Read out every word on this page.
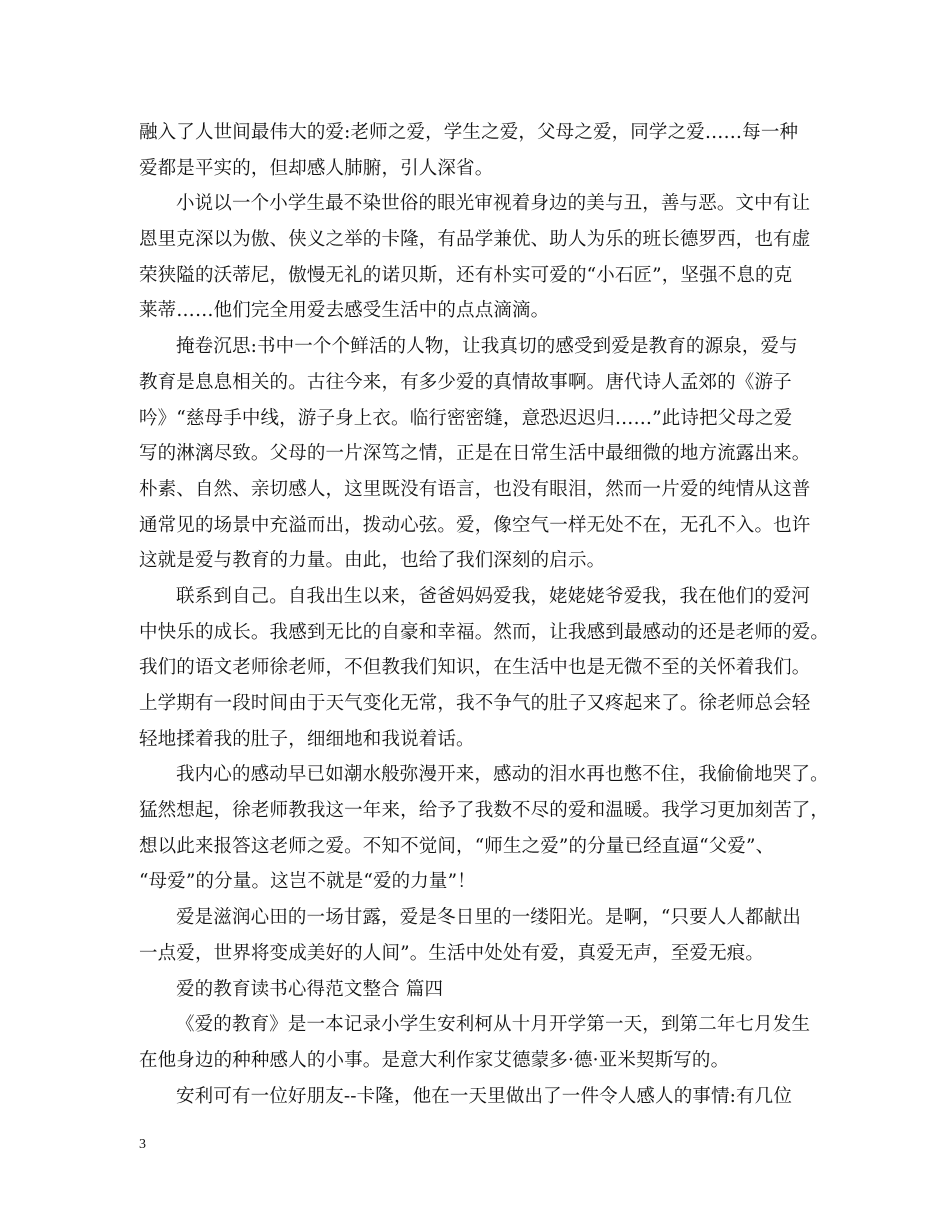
融入了人世间最伟大的爱:老师之爱，学生之爱，父母之爱，同学之爱……每一种
爱都是平实的，但却感人肺腑，引人深省。
小说以一个小学生最不染世俗的眼光审视着身边的美与丑，善与恶。文中有让
恩里克深以为傲、侠义之举的卡隆，有品学兼优、助人为乐的班长德罗西，也有虚
荣狭隘的沃蒂尼，傲慢无礼的诺贝斯，还有朴实可爱的“小石匠”，坚强不息的克
莱蒂……他们完全用爱去感受生活中的点点滴滴。
掩卷沉思:书中一个个鲜活的人物，让我真切的感受到爱是教育的源泉，爱与
教育是息息相关的。古往今来，有多少爱的真情故事啊。唐代诗人孟郊的《游子
吟》“慈母手中线，游子身上衣。临行密密缝，意恐迟迟归……”此诗把父母之爱
写的淋漓尽致。父母的一片深笃之情，正是在日常生活中最细微的地方流露出来。
朴素、自然、亲切感人，这里既没有语言，也没有眼泪，然而一片爱的纯情从这普
通常见的场景中充溢而出，拨动心弦。爱，像空气一样无处不在，无孔不入。也许
这就是爱与教育的力量。由此，也给了我们深刻的启示。
联系到自己。自我出生以来，爸爸妈妈爱我，姥姥姥爷爱我，我在他们的爱河
中快乐的成长。我感到无比的自豪和幸福。然而，让我感到最感动的还是老师的爱。
我们的语文老师徐老师，不但教我们知识，在生活中也是无微不至的关怀着我们。
上学期有一段时间由于天气变化无常，我不争气的肚子又疼起来了。徐老师总会轻
轻地揉着我的肚子，细细地和我说着话。
我内心的感动早已如潮水般弥漫开来，感动的泪水再也憋不住，我偷偷地哭了。
猛然想起，徐老师教我这一年来，给予了我数不尽的爱和温暖。我学习更加刻苦了，
想以此来报答这老师之爱。不知不觉间，“师生之爱”的分量已经直逼“父爱”、
“母爱”的分量。这岂不就是“爱的力量”！
爱是滋润心田的一场甘露，爱是冬日里的一缕阳光。是啊，“只要人人都献出
一点爱，世界将变成美好的人间”。生活中处处有爱，真爱无声，至爱无痕。
爱的教育读书心得范文整合 篇四
《爱的教育》是一本记录小学生安利柯从十月开学第一天，到第二年七月发生
在他身边的种种感人的小事。是意大利作家艾德蒙多·德·亚米契斯写的。
安利可有一位好朋友--卡隆，他在一天里做出了一件令人感人的事情:有几位
3
